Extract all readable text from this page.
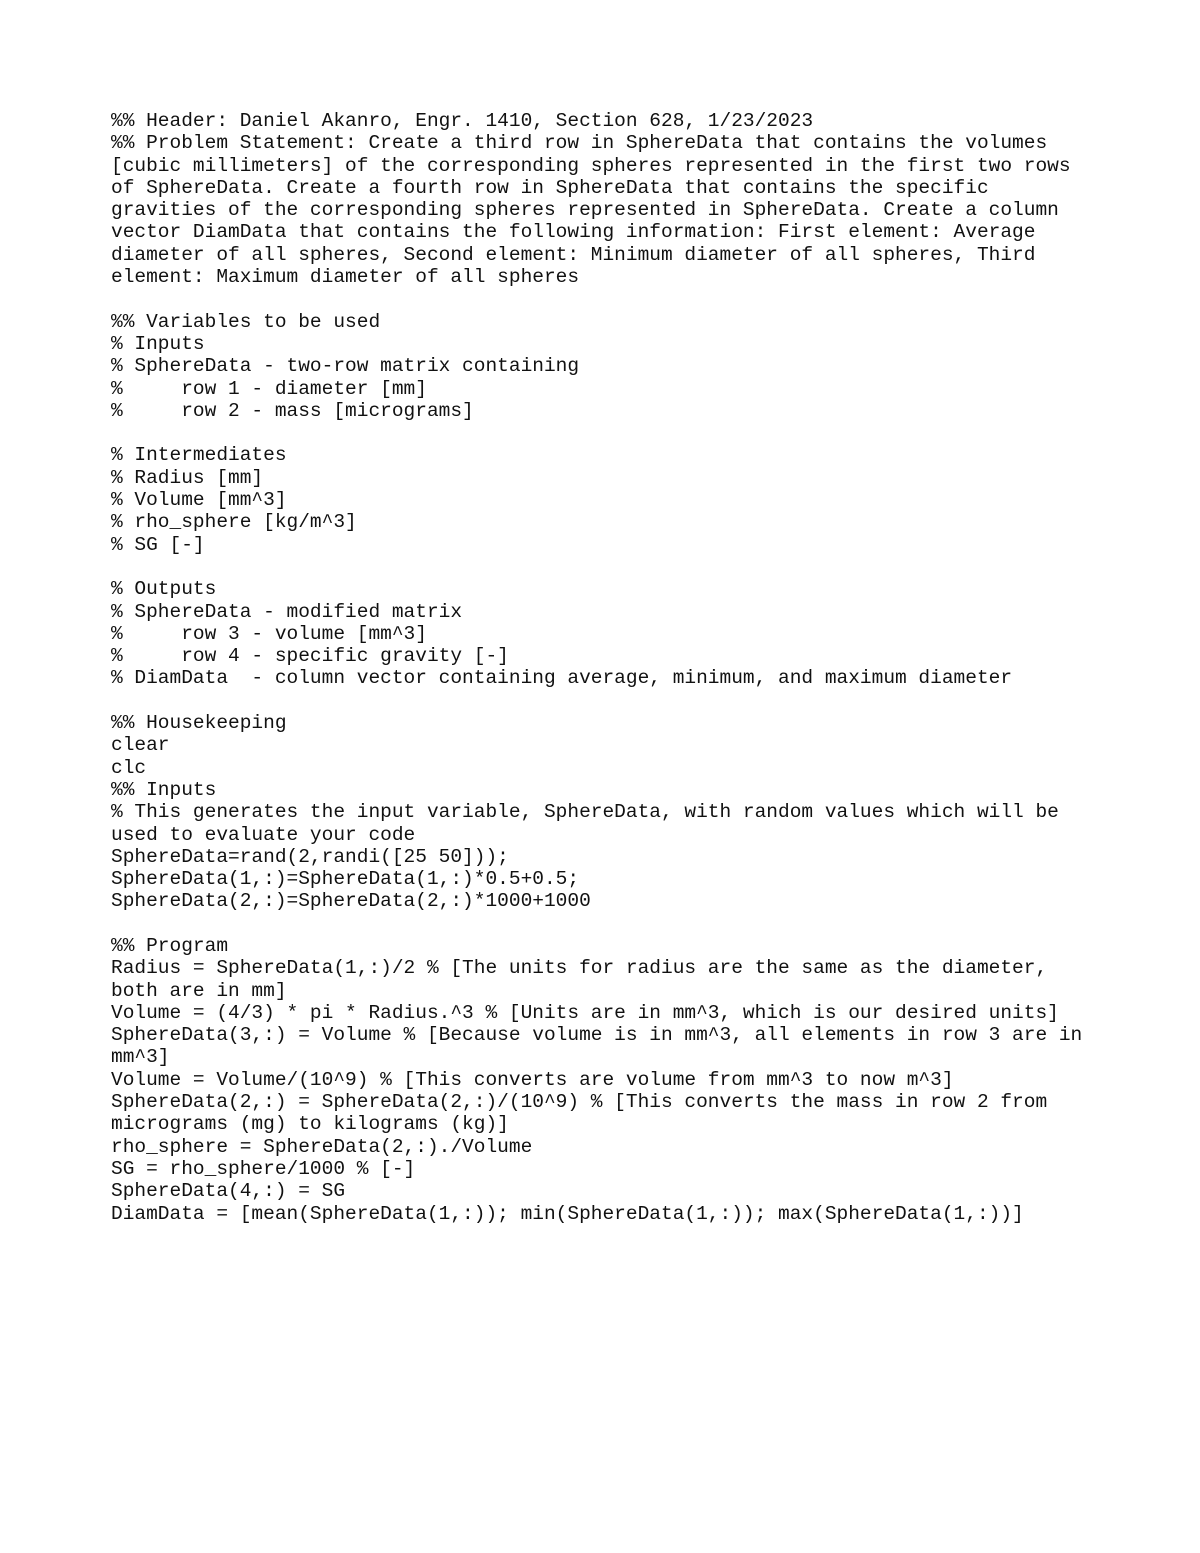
%% Header: Daniel Akanro, Engr. 1410, Section 628, 1/23/2023
%% Problem Statement: Create a third row in SphereData that contains the volumes
[cubic millimeters] of the corresponding spheres represented in the first two rows
of SphereData. Create a fourth row in SphereData that contains the specific
gravities of the corresponding spheres represented in SphereData. Create a column
vector DiamData that contains the following information: First element: Average
diameter of all spheres, Second element: Minimum diameter of all spheres, Third
element: Maximum diameter of all spheres
%% Variables to be used
% Inputs
% SphereData - two-row matrix containing
%     row 1 - diameter [mm]
%     row 2 - mass [micrograms]
% Intermediates
% Radius [mm]
% Volume [mm^3]
% rho_sphere [kg/m^3]
% SG [-]
% Outputs
% SphereData - modified matrix
%     row 3 - volume [mm^3]
%     row 4 - specific gravity [-]
% DiamData  - column vector containing average, minimum, and maximum diameter
%% Housekeeping
clear
clc
%% Inputs
% This generates the input variable, SphereData, with random values which will be
used to evaluate your code
SphereData=rand(2,randi([25 50]));
SphereData(1,:)=SphereData(1,:)*0.5+0.5;
SphereData(2,:)=SphereData(2,:)*1000+1000
%% Program
Radius = SphereData(1,:)/2 % [The units for radius are the same as the diameter,
both are in mm]
Volume = (4/3) * pi * Radius.^3 % [Units are in mm^3, which is our desired units]
SphereData(3,:) = Volume % [Because volume is in mm^3, all elements in row 3 are in
mm^3]
Volume = Volume/(10^9) % [This converts are volume from mm^3 to now m^3]
SphereData(2,:) = SphereData(2,:)/(10^9) % [This converts the mass in row 2 from
micrograms (mg) to kilograms (kg)]
rho_sphere = SphereData(2,:)./Volume
SG = rho_sphere/1000 % [-]
SphereData(4,:) = SG
DiamData = [mean(SphereData(1,:)); min(SphereData(1,:)); max(SphereData(1,:))]
